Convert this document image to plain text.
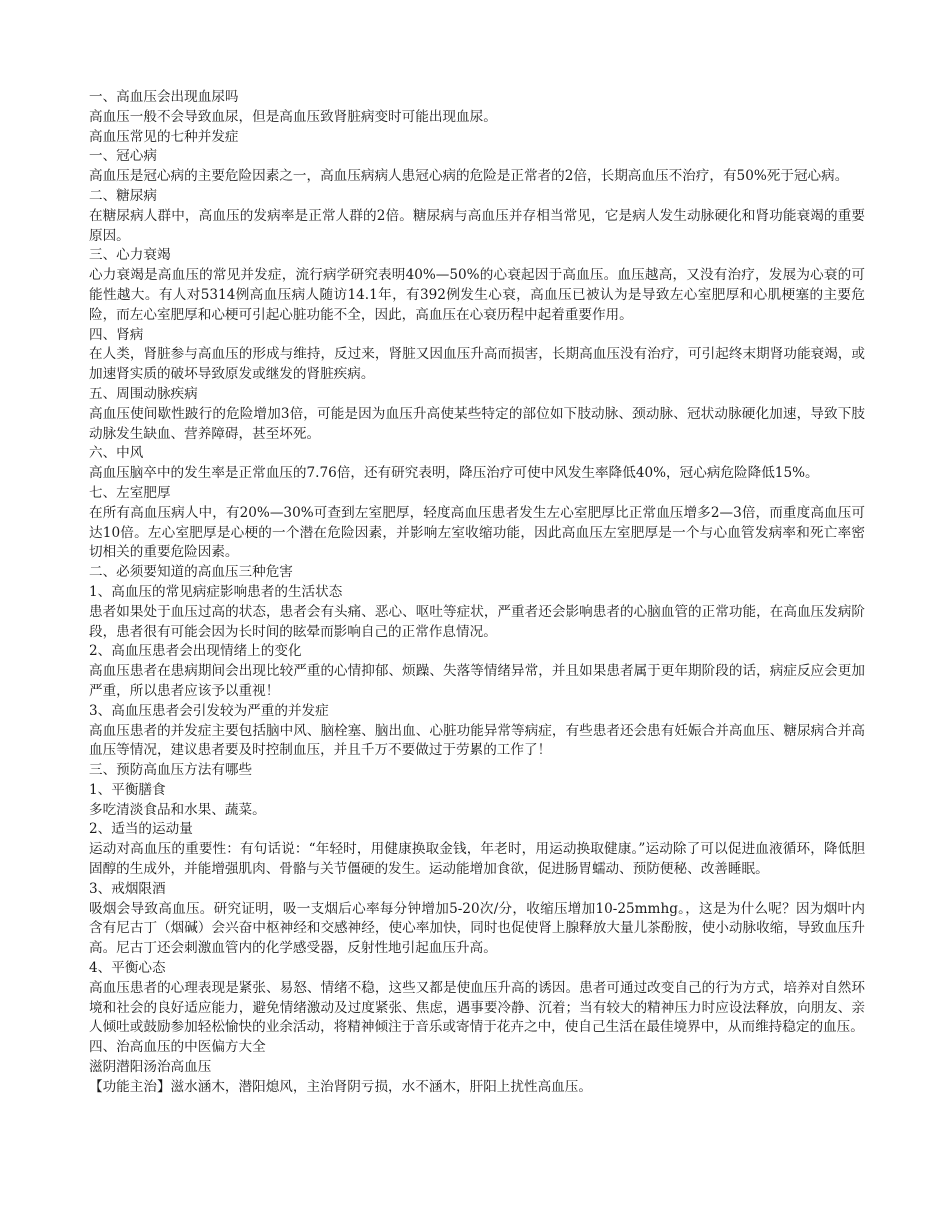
一、高血压会出现血尿吗

高血压一般不会导致血尿，但是高血压致肾脏病变时可能出现血尿。

高血压常见的七种并发症

一、冠心病

高血压是冠心病的主要危险因素之一，高血压病病人患冠心病的危险是正常者的2倍，长期高血压不治疗，有50%死于冠心病。

二、糖尿病

在糖尿病人群中，高血压的发病率是正常人群的2倍。糖尿病与高血压并存相当常见，它是病人发生动脉硬化和肾功能衰竭的重要原因。

三、心力衰竭

心力衰竭是高血压的常见并发症，流行病学研究表明40%—50%的心衰起因于高血压。血压越高，又没有治疗，发展为心衰的可能性越大。有人对5314例高血压病人随访14.1年，有392例发生心衰，高血压已被认为是导致左心室肥厚和心肌梗塞的主要危险，而左心室肥厚和心梗可引起心脏功能不全，因此，高血压在心衰历程中起着重要作用。

四、肾病

在人类，肾脏参与高血压的形成与维持，反过来，肾脏又因血压升高而损害，长期高血压没有治疗，可引起终末期肾功能衰竭，或加速肾实质的破坏导致原发或继发的肾脏疾病。

五、周围动脉疾病

高血压使间歇性跛行的危险增加3倍，可能是因为血压升高使某些特定的部位如下肢动脉、颈动脉、冠状动脉硬化加速，导致下肢动脉发生缺血、营养障碍，甚至坏死。

六、中风

高血压脑卒中的发生率是正常血压的7.76倍，还有研究表明，降压治疗可使中风发生率降低40%，冠心病危险降低15%。

七、左室肥厚

在所有高血压病人中，有20%—30%可查到左室肥厚，轻度高血压患者发生左心室肥厚比正常血压增多2—3倍，而重度高血压可达10倍。左心室肥厚是心梗的一个潜在危险因素，并影响左室收缩功能，因此高血压左室肥厚是一个与心血管发病率和死亡率密切相关的重要危险因素。

二、必须要知道的高血压三种危害

1、高血压的常见病症影响患者的生活状态

患者如果处于血压过高的状态，患者会有头痛、恶心、呕吐等症状，严重者还会影响患者的心脑血管的正常功能，在高血压发病阶段，患者很有可能会因为长时间的眩晕而影响自己的正常作息情况。

2、高血压患者会出现情绪上的变化

高血压患者在患病期间会出现比较严重的心情抑郁、烦躁、失落等情绪异常，并且如果患者属于更年期阶段的话，病症反应会更加严重，所以患者应该予以重视！

3、高血压患者会引发较为严重的并发症

高血压患者的并发症主要包括脑中风、脑栓塞、脑出血、心脏功能异常等病症，有些患者还会患有妊娠合并高血压、糖尿病合并高血压等情况，建议患者要及时控制血压，并且千万不要做过于劳累的工作了！

三、预防高血压方法有哪些

1、平衡膳食

多吃清淡食品和水果、蔬菜。

2、适当的运动量

运动对高血压的重要性：有句话说：“年轻时，用健康换取金钱，年老时，用运动换取健康。”运动除了可以促进血液循环，降低胆固醇的生成外，并能增强肌肉、骨骼与关节僵硬的发生。运动能增加食欲，促进肠胃蠕动、预防便秘、改善睡眠。

3、戒烟限酒

吸烟会导致高血压。研究证明，吸一支烟后心率每分钟增加5-20次/分，收缩压增加10-25mmhg。，这是为什么呢？因为烟叶内含有尼古丁（烟碱）会兴奋中枢神经和交感神经，使心率加快，同时也促使肾上腺释放大量儿茶酚胺，使小动脉收缩，导致血压升高。尼古丁还会刺激血管内的化学感受器，反射性地引起血压升高。

4、平衡心态

高血压患者的心理表现是紧张、易怒、情绪不稳，这些又都是使血压升高的诱因。患者可通过改变自己的行为方式，培养对自然环境和社会的良好适应能力，避免情绪激动及过度紧张、焦虑，遇事要冷静、沉着；当有较大的精神压力时应设法释放，向朋友、亲人倾吐或鼓励参加轻松愉快的业余活动，将精神倾注于音乐或寄情于花卉之中，使自己生活在最佳境界中，从而维持稳定的血压。

四、治高血压的中医偏方大全

滋阴潜阳汤治高血压

【功能主治】滋水涵木，潜阳熄风，主治肾阴亏损，水不涵木，肝阳上扰性高血压。
